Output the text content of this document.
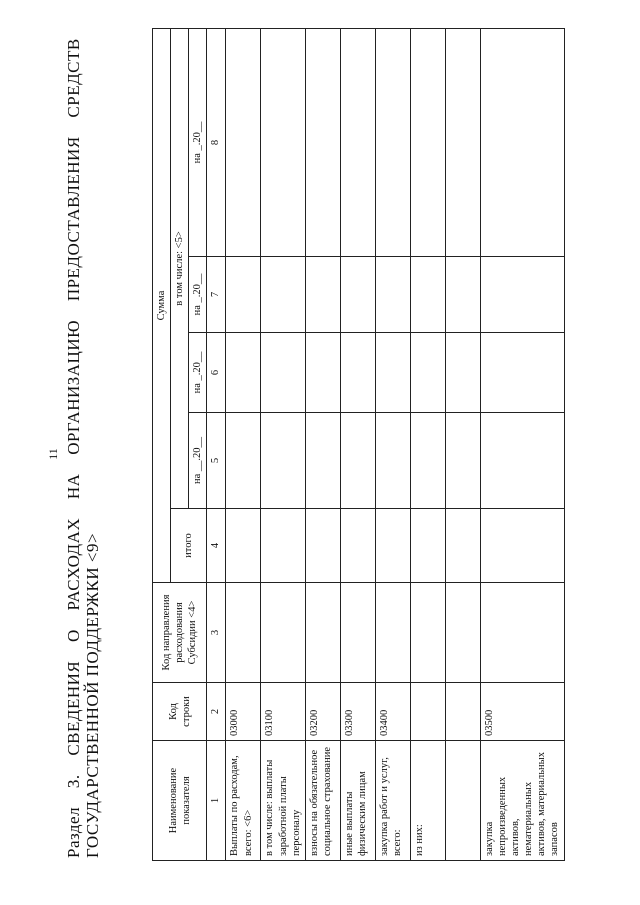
11 Раздел 3. СВЕДЕНИЯ О РАСХОДАХ НА ОРГАНИЗАЦИЮ ПРЕДОСТАВЛЕНИЯ СРЕДСТВ ГОСУДАРСТВЕННОЙ ПОДДЕРЖКИ <9>	Наименование показателя	Код строки	Код направления расходования Субсидии <4>	Сумма				
			итого	в том числе: <5>			
				на __.20__	на _.20__	на _.20__	на _.20__
1	2	3	4	5	6	7	8
Выплаты по расходам, всего: <6>	03000						
в том числе: выплаты заработной платы персоналу	03100						
взносы на обязательное социальное страхование	03200						
иные выплаты физическим лицам	03300						
закупка работ и услуг, всего:	03400						
из них:							

закупка непроизведенных активов, нематериальных активов, материальных запасов	03500						
